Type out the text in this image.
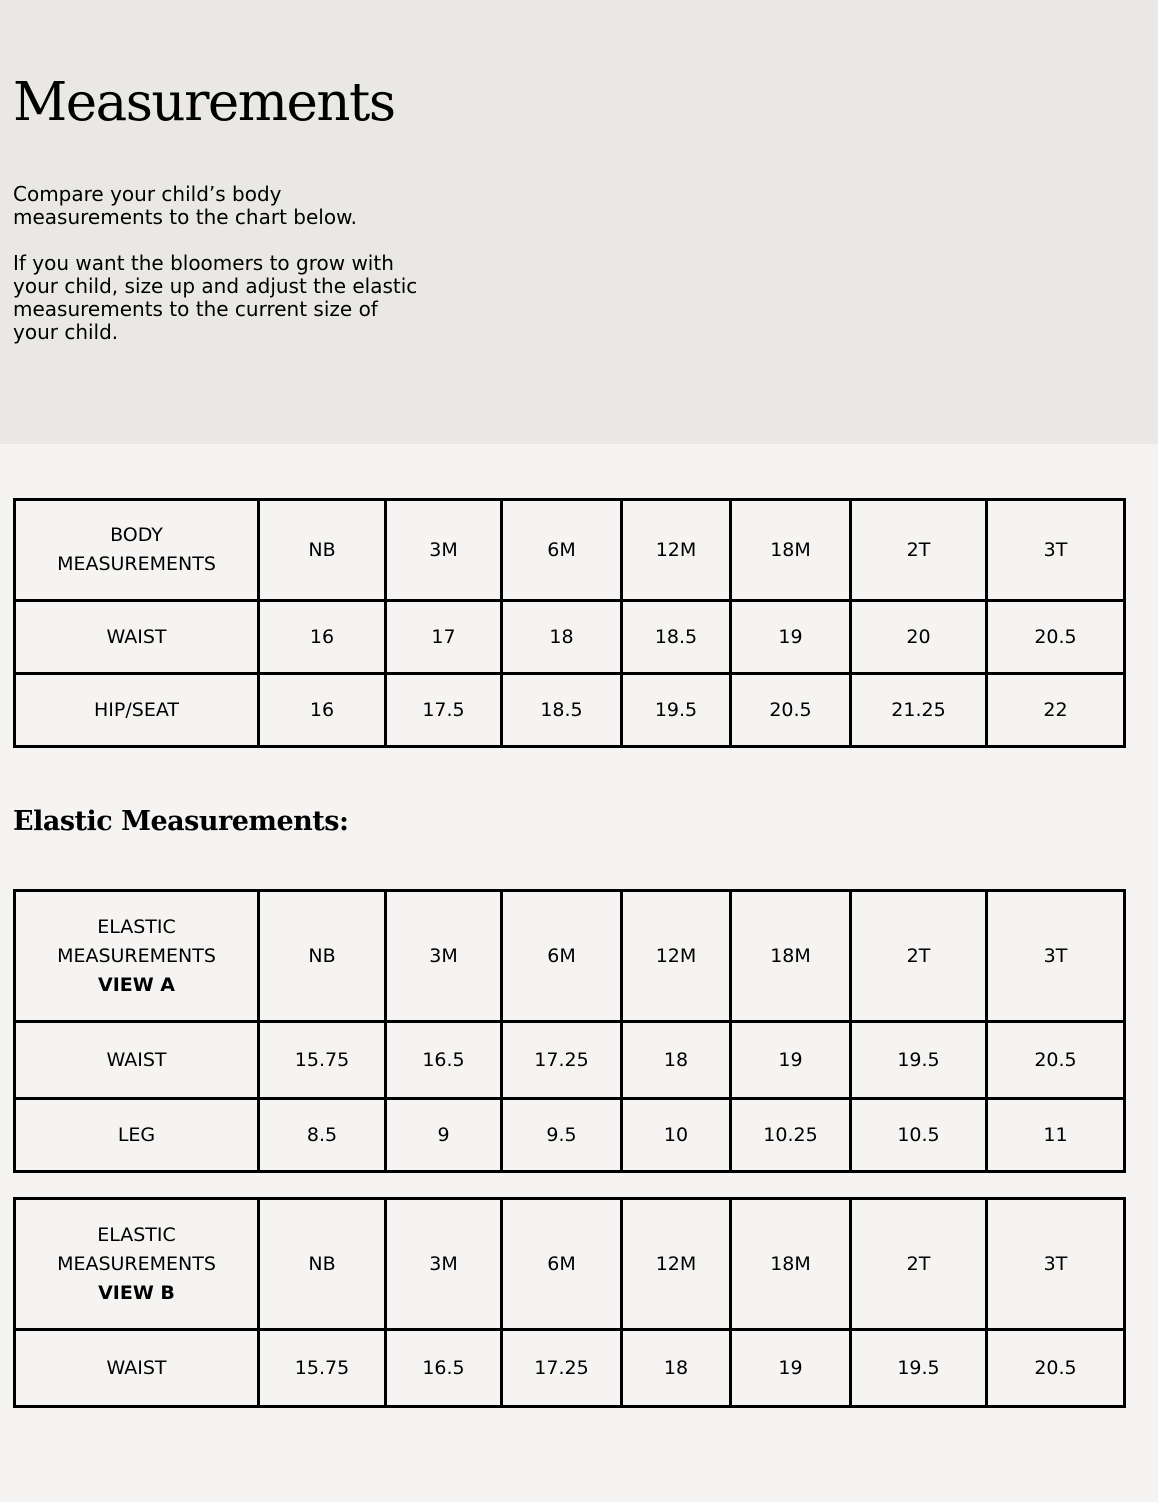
Measurements

Compare your child’s body measurements to the chart below.

If you want the bloomers to grow with your child, size up and adjust the elastic measurements to the current size of your child.

BODY
MEASUREMENTS	NB	3M	6M	12M	18M	2T	3T
WAIST	16	17	18	18.5	19	20	20.5
HIP/SEAT	16	17.5	18.5	19.5	20.5	21.25	22
Elastic Measurements:
ELASTIC
MEASUREMENTS
VIEW A	NB	3M	6M	12M	18M	2T	3T
WAIST	15.75	16.5	17.25	18	19	19.5	20.5
LEG	8.5	9	9.5	10	10.25	10.5	11
ELASTIC
MEASUREMENTS
VIEW B	NB	3M	6M	12M	18M	2T	3T
WAIST	15.75	16.5	17.25	18	19	19.5	20.5
